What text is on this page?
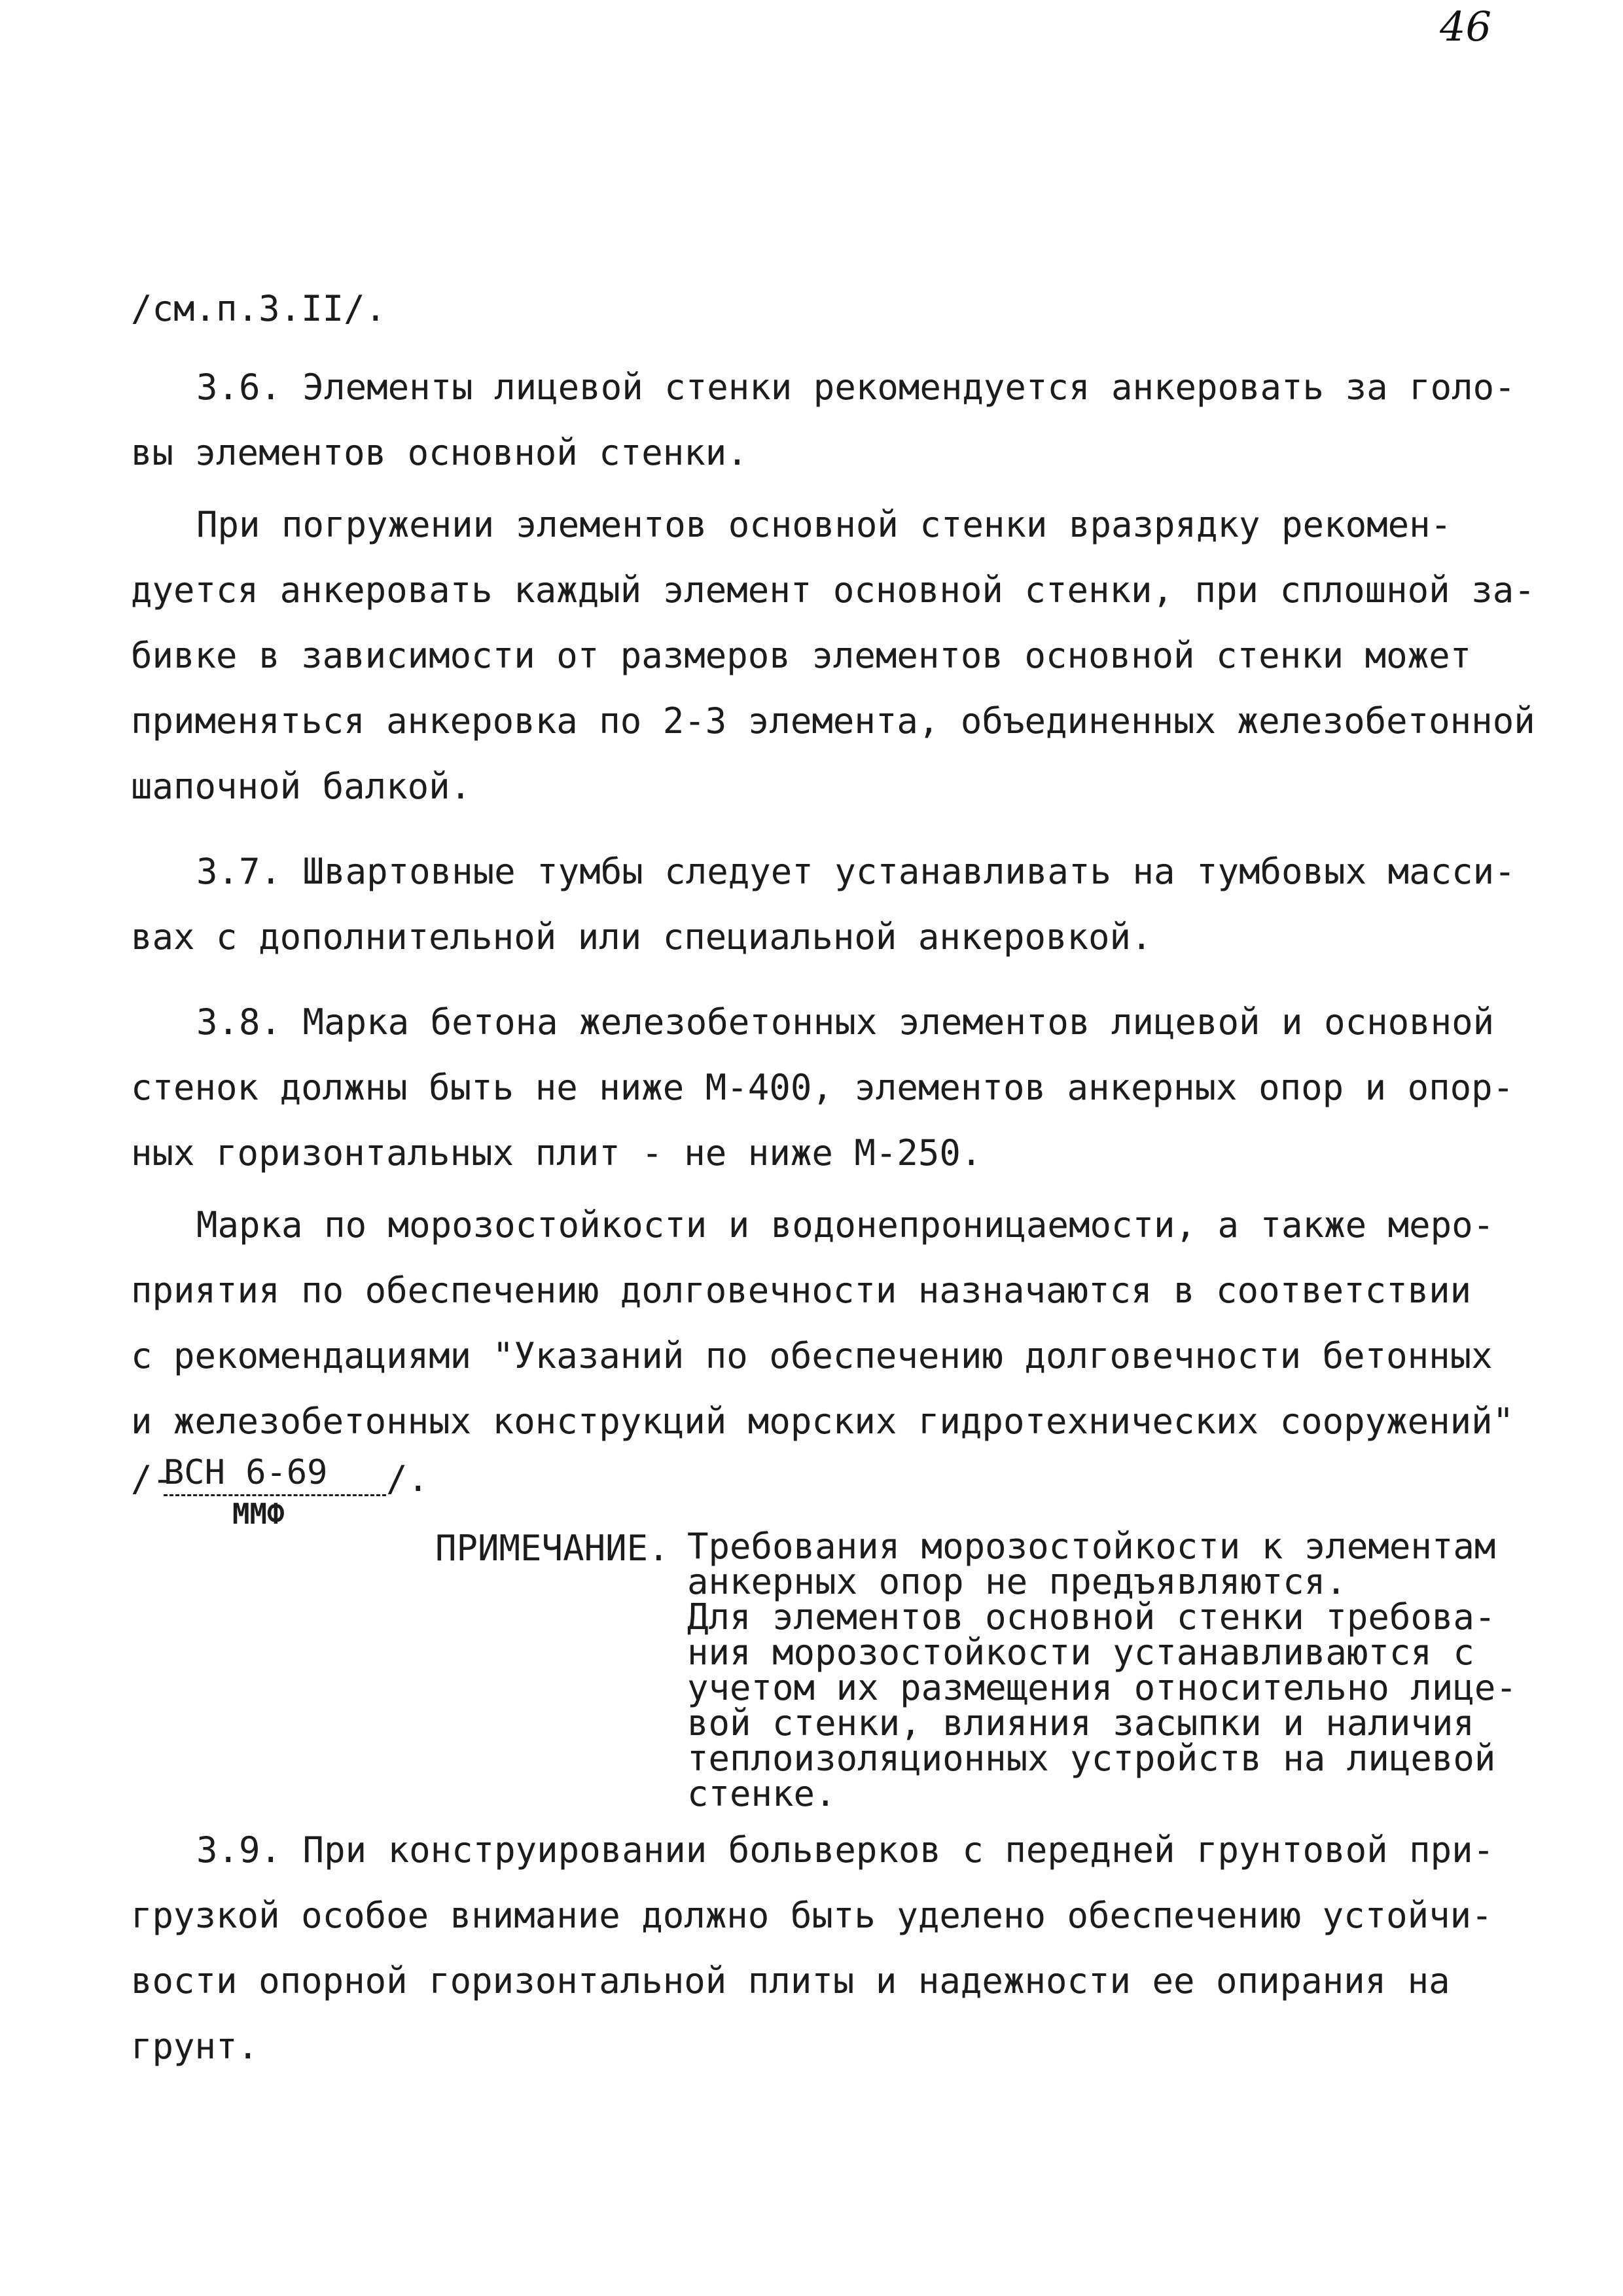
46
/см.п.3.II/.
3.6. Элементы лицевой стенки рекомендуется анкеровать за голо-
вы элементов основной стенки.
При погружении элементов основной стенки вразрядку рекомен-
дуется анкеровать каждый элемент основной стенки, при сплошной за-
бивке в зависимости от размеров элементов основной стенки может
применяться анкеровка по 2-3 элемента, объединенных железобетонной
шапочной балкой.
3.7. Швартовные тумбы следует устанавливать на тумбовых масси-
вах с дополнительной или специальной анкеровкой.
3.8. Марка бетона железобетонных элементов лицевой и основной
стенок должны быть не ниже М-400, элементов анкерных опор и опор-
ных горизонтальных плит - не ниже М-250.
Марка по морозостойкости и водонепроницаемости, а также меро-
приятия по обеспечению долговечности назначаются в соответствии
с рекомендациями "Указаний по обеспечению долговечности бетонных
и железобетонных конструкций морских гидротехнических сооружений"
/-
ВСН 6-69
ММФ
/.
ПРИМЕЧАНИЕ. Требования морозостойкости к элементам
анкерных опор не предъявляются.
Для элементов основной стенки требова-
ния морозостойкости устанавливаются с
учетом их размещения относительно лице-
вой стенки, влияния засыпки и наличия
теплоизоляционных устройств на лицевой
стенке.
3.9. При конструировании больверков с передней грунтовой при-
грузкой особое внимание должно быть уделено обеспечению устойчи-
вости опорной горизонтальной плиты и надежности ее опирания на
грунт.
